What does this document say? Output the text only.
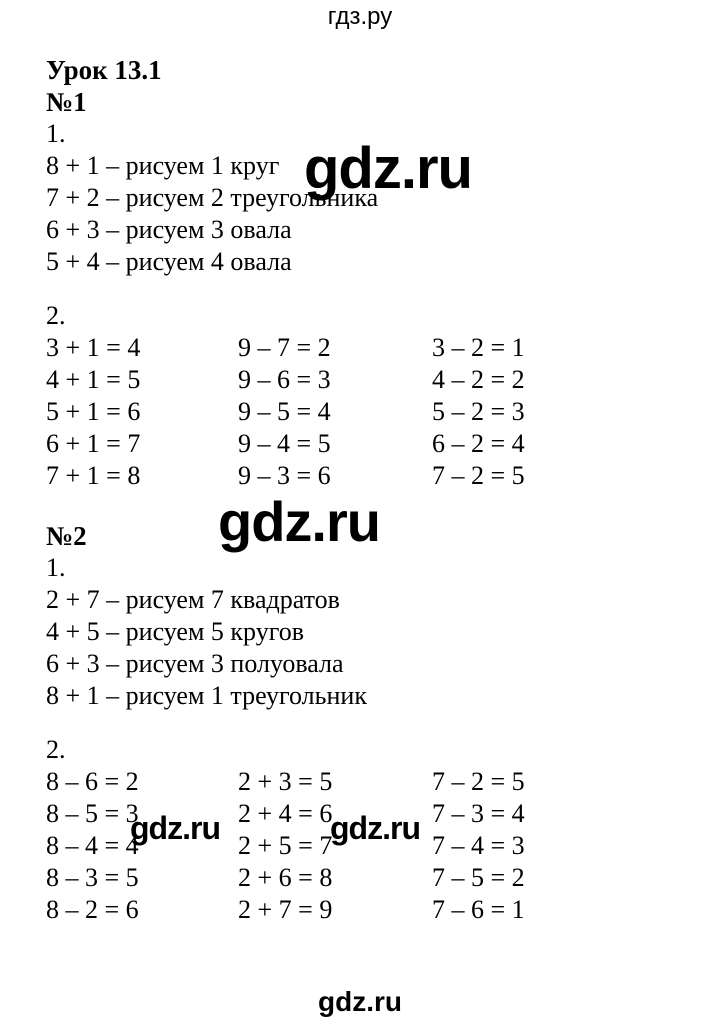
гдз.ру
Урок 13.1
№1
1.
8 + 1 – рисуем 1 круг
7 + 2 – рисуем 2 треугольника
6 + 3 – рисуем 3 овала
5 + 4 – рисуем 4 овала
2.
3 + 1 = 4	9 – 7 = 2	3 – 2 = 1
4 + 1 = 5	9 – 6 = 3	4 – 2 = 2
5 + 1 = 6	9 – 5 = 4	5 – 2 = 3
6 + 1 = 7	9 – 4 = 5	6 – 2 = 4
7 + 1 = 8	9 – 3 = 6	7 – 2 = 5
№2
1.
2 + 7 – рисуем 7 квадратов
4 + 5 – рисуем 5 кругов
6 + 3 – рисуем 3 полуовала
8 + 1 – рисуем 1 треугольник
2.
8 – 6 = 2	2 + 3 = 5	7 – 2 = 5
8 – 5 = 3	2 + 4 = 6	7 – 3 = 4
8 – 4 = 4	2 + 5 = 7	7 – 4 = 3
8 – 3 = 5	2 + 6 = 8	7 – 5 = 2
8 – 2 = 6	2 + 7 = 9	7 – 6 = 1
gdz.ru
gdz.ru
gdz.ru	gdz.ru
gdz.ru
